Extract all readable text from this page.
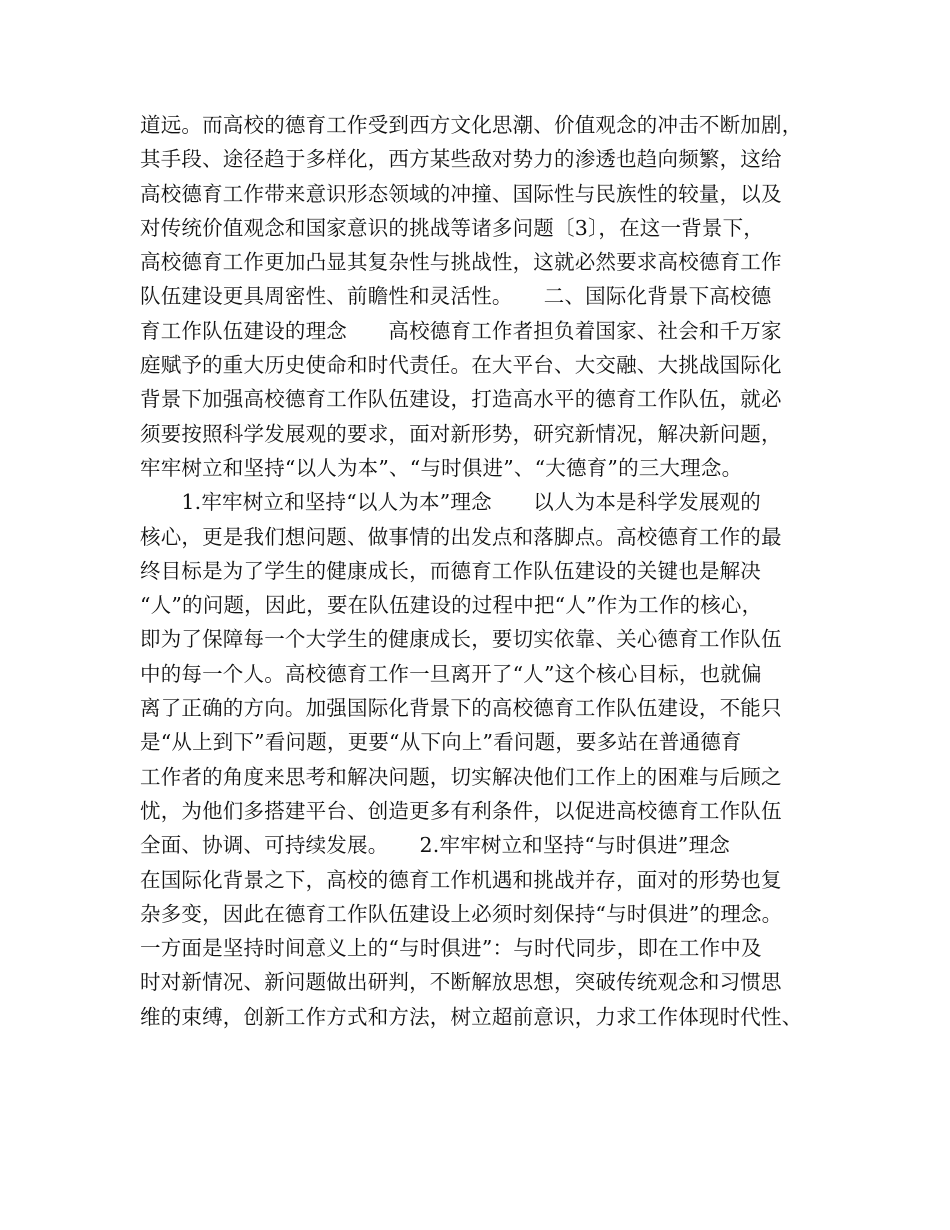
道远。而高校的德育工作受到西方文化思潮、价值观念的冲击不断加剧，
其手段、途径趋于多样化，西方某些敌对势力的渗透也趋向频繁，这给
高校德育工作带来意识形态领域的冲撞、国际性与民族性的较量，以及
对传统价值观念和国家意识的挑战等诸多问题〔3〕，在这一背景下，
高校德育工作更加凸显其复杂性与挑战性，这就必然要求高校德育工作
队伍建设更具周密性、前瞻性和灵活性。　　二、国际化背景下高校德
育工作队伍建设的理念　　高校德育工作者担负着国家、社会和千万家
庭赋予的重大历史使命和时代责任。在大平台、大交融、大挑战国际化
背景下加强高校德育工作队伍建设，打造高水平的德育工作队伍，就必
须要按照科学发展观的要求，面对新形势，研究新情况，解决新问题，
牢牢树立和坚持“以人为本”、“与时俱进”、“大德育”的三大理念。
　　1.牢牢树立和坚持“以人为本”理念　　以人为本是科学发展观的
核心，更是我们想问题、做事情的出发点和落脚点。高校德育工作的最
终目标是为了学生的健康成长，而德育工作队伍建设的关键也是解决
“人”的问题，因此，要在队伍建设的过程中把“人”作为工作的核心，
即为了保障每一个大学生的健康成长，要切实依靠、关心德育工作队伍
中的每一个人。高校德育工作一旦离开了“人”这个核心目标，也就偏
离了正确的方向。加强国际化背景下的高校德育工作队伍建设，不能只
是“从上到下”看问题，更要“从下向上”看问题，要多站在普通德育
工作者的角度来思考和解决问题，切实解决他们工作上的困难与后顾之
忧，为他们多搭建平台、创造更多有利条件，以促进高校德育工作队伍
全面、协调、可持续发展。　　2.牢牢树立和坚持“与时俱进”理念　　
在国际化背景之下，高校的德育工作机遇和挑战并存，面对的形势也复
杂多变，因此在德育工作队伍建设上必须时刻保持“与时俱进”的理念。
一方面是坚持时间意义上的“与时俱进”：与时代同步，即在工作中及
时对新情况、新问题做出研判，不断解放思想，突破传统观念和习惯思
维的束缚，创新工作方式和方法，树立超前意识，力求工作体现时代性、
